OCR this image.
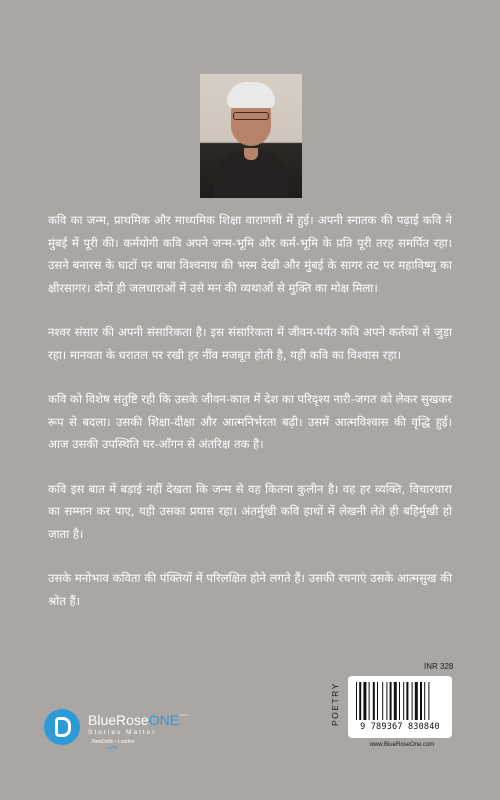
कवि का जन्म, प्राथमिक और माध्यमिक शिक्षा वाराणसी में हुई। अपनी स्नातक की पढ़ाई कवि ने मुंबई में पूरी की। कर्मयोगी कवि अपने जन्म-भूमि और कर्म-भूमि के प्रति पूरी तरह समर्पित रहा। उसने बनारस के घाटों पर बाबा विश्वनाथ की भस्म देखी और मुंबई के सागर तट पर महाविष्णु का क्षीरसागर। दोनों ही जलधाराओं में उसे मन की व्यथाओं से मुक्ति का मोक्ष मिला।

नश्वर संसार की अपनी संसारिकता है। इस संसारिकता में जीवन-पर्यंत कवि अपने कर्तव्यों से जुड़ा रहा। मानवता के धरातल पर रखी हर नींव मजबूत होती है, यही कवि का विश्वास रहा।

कवि को विशेष संतुष्टि रही कि उसके जीवन-काल में देश का परिदृश्य नारी-जगत को लेकर सुखकर रूप से बदला। उसकी शिक्षा-दीक्षा और आत्मनिर्भरता बढ़ी। उसमें आत्मविश्वास की वृद्धि हुई। आज उसकी उपस्थिति घर-आँगन से अंतरिक्ष तक है।

कवि इस बात में बड़ाई नहीं देखता कि जन्म से वह कितना कुलीन है। वह हर व्यक्ति, विचारधारा का सम्मान कर पाए, यही उसका प्रयास रहा। अंतर्मुखी कवि हाथों में लेखनी लेते ही बहिर्मुखी हो जाता है।

उसके मनोभाव कविता की पंक्तियों में परिलक्षित होने लगते हैं। उसकी रचनाएं उसके आत्मसुख की श्रोत हैं।

BlueRoseONE$^{.com}$
Stories Matter
NewDelhi • London
UAE
INR 328
POETRY
9 789367 830840
www.BlueRoseOne.com
